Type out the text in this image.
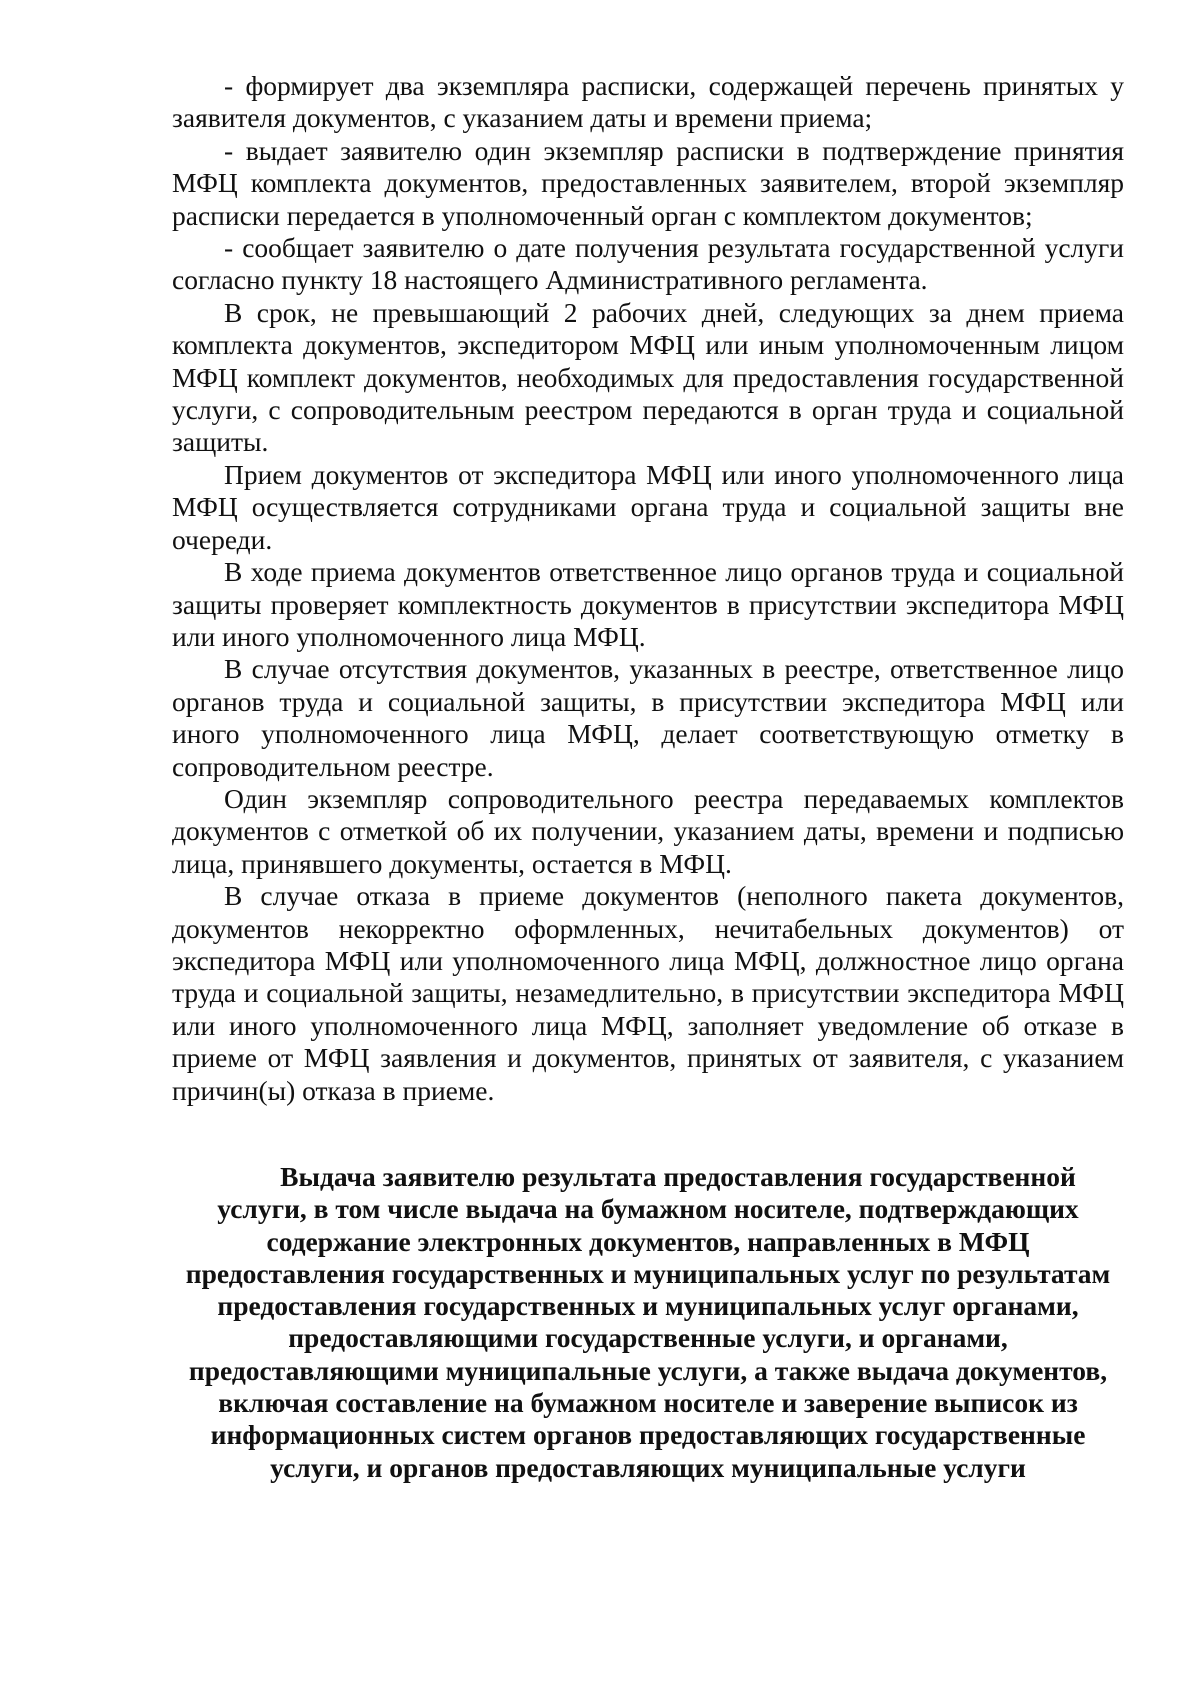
- формирует два экземпляра расписки, содержащей перечень принятых у заявителя документов, с указанием даты и времени приема;

- выдает заявителю один экземпляр расписки в подтверждение принятия МФЦ комплекта документов, предоставленных заявителем, второй экземпляр расписки передается в уполномоченный орган с комплектом документов;

- сообщает заявителю о дате получения результата государственной услуги согласно пункту 18 настоящего Административного регламента.

В срок, не превышающий 2 рабочих дней, следующих за днем приема комплекта документов, экспедитором МФЦ или иным уполномоченным лицом МФЦ комплект документов, необходимых для предоставления государственной услуги, с сопроводительным реестром передаются в орган труда и социальной защиты.

Прием документов от экспедитора МФЦ или иного уполномоченного лица МФЦ осуществляется сотрудниками органа труда и социальной защиты вне очереди.

В ходе приема документов ответственное лицо органов труда и социальной защиты проверяет комплектность документов в присутствии экспедитора МФЦ или иного уполномоченного лица МФЦ.

В случае отсутствия документов, указанных в реестре, ответственное лицо органов труда и социальной защиты, в присутствии экспедитора МФЦ или иного уполномоченного лица МФЦ, делает соответствующую отметку в сопроводительном реестре.

Один экземпляр сопроводительного реестра передаваемых комплектов документов с отметкой об их получении, указанием даты, времени и подписью лица, принявшего документы, остается в МФЦ.

В случае отказа в приеме документов (неполного пакета документов, документов некорректно оформленных, нечитабельных документов) от экспедитора МФЦ или уполномоченного лица МФЦ, должностное лицо органа труда и социальной защиты, незамедлительно, в присутствии экспедитора МФЦ или иного уполномоченного лица МФЦ, заполняет уведомление об отказе в приеме от МФЦ заявления и документов, принятых от заявителя, с указанием причин(ы) отказа в приеме.

Выдача заявителю результата предоставления государственной услуги, в том числе выдача на бумажном носителе, подтверждающих содержание электронных документов, направленных в МФЦ предоставления государственных и муниципальных услуг по результатам предоставления государственных и муниципальных услуг органами, предоставляющими государственные услуги, и органами, предоставляющими муниципальные услуги, а также выдача документов, включая составление на бумажном носителе и заверение выписок из информационных систем органов предоставляющих государственные услуги, и органов предоставляющих муниципальные услуги
